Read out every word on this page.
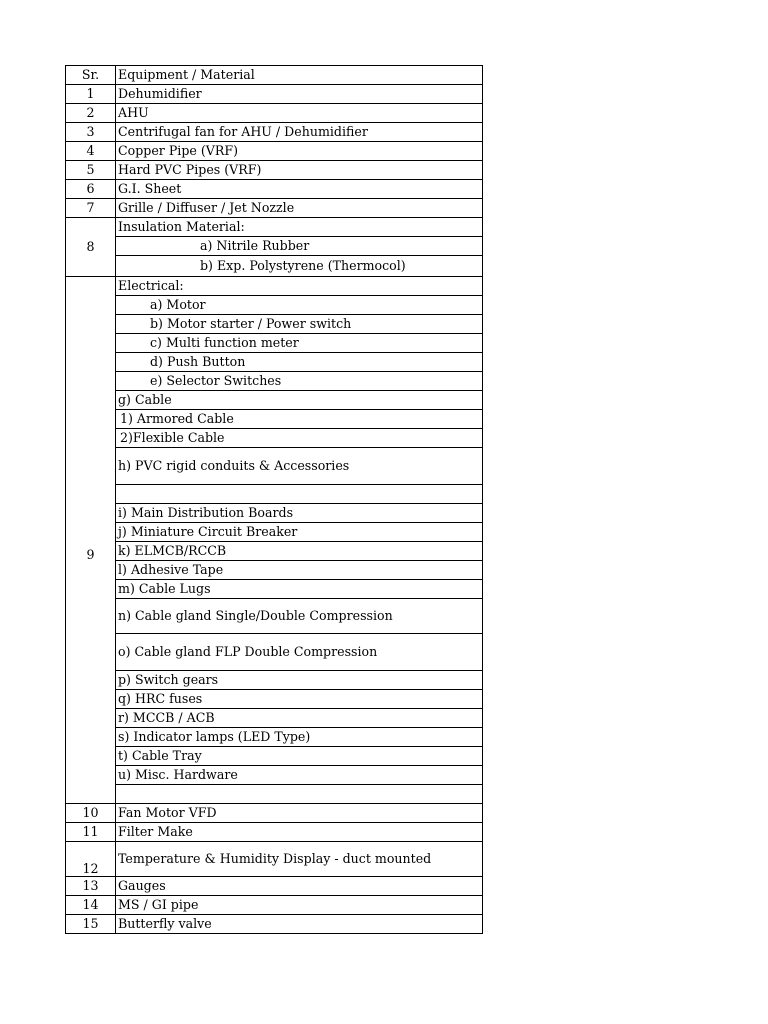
Sr.	Equipment / Material
1	Dehumidifier
2	AHU
3	Centrifugal fan for AHU / Dehumidifier
4	Copper Pipe (VRF)
5	Hard PVC Pipes (VRF)
6	G.I. Sheet
7	Grille / Diffuser / Jet Nozzle
8	Insulation Material:
	a) Nitrile Rubber
	b) Exp. Polystyrene (Thermocol)
9	Electrical:
	a) Motor
	b) Motor starter / Power switch
	c) Multi function meter
	d) Push Button
	e) Selector Switches
	g) Cable
	1) Armored Cable
	2)Flexible Cable
	h) PVC rigid conduits & Accessories

	i) Main Distribution Boards
	j) Miniature Circuit Breaker
	k) ELMCB/RCCB
	l) Adhesive Tape
	m) Cable Lugs
	n) Cable gland Single/Double Compression
	o) Cable gland FLP Double Compression
	p) Switch gears
	q) HRC fuses
	r) MCCB / ACB
	s) Indicator lamps (LED Type)
	t) Cable Tray
	u) Misc. Hardware

10	Fan Motor VFD
11	Filter Make
12	Temperature & Humidity Display - duct mounted
13	Gauges
14	MS / GI pipe
15	Butterfly valve
